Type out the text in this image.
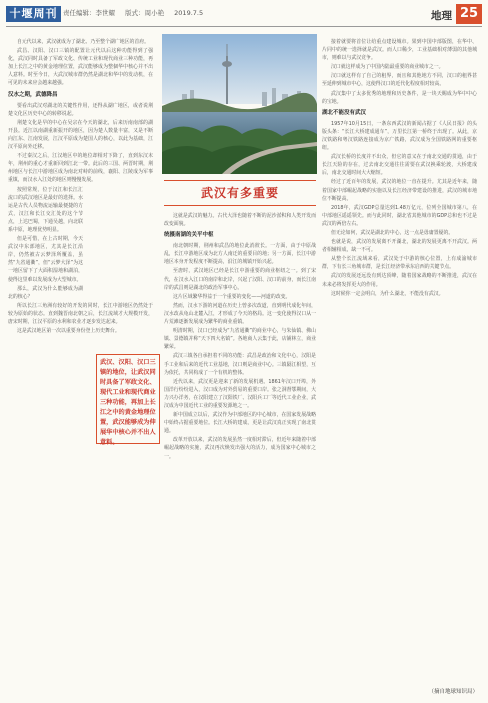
十堰周刊 责任编辑：李世耀 版式：周小艳 2019.7.5	地理 25
武汉有多重要

自元代以来，武汉就成为了湖北、乃至整个湖广地区的首府。

武昌、汉阳、汉口三镇的配置让元代以后这种功能得到了强化，武汉同时具备了军政文化、传统工业和现代商业三种功能，再加上长江之中的黄金地理位置，武汉能够成为整個华中核心并不出人意料。时至今日，大武汉城市群仍然是湖北和华中的发动机，在可见的未来应会越来越强。

汉水之期，武德降昌

要看出武汉对湖北的关键性作用，还得从湖广地区，或者说荆楚文化区历史中心的转移说起。

荆楚文化是早的中心在吴宗在今天的湖北，后来历南南部的湖开县。近江以南湖重新振开的地区，因为楚人数量丰富，又是不断向江东、江南发展，江汉平原成为楚国人的核心，以此为基础，江汉平原向外迁移。

不过秦汉之后，江汉地区中的地位却相对下降了，直到东汉末年，荆州的重心才重新回到江北一带。此后的三国、两晋时期，荆州地区与长江中游地区成为南北对峙的前线，襄阳、江陵成为军事重镇，而汉水入江处的地区则慢慢发展。

按照常规，位于汉江和长江汇流口的武汉地区是最好的选择。水运是古代人员物流运输最便捷的方式，汉江和长江交汇处的这个节点，上达巴蜀，下通吴越，向北联系中原，地理优势明显。

但是可惜，在上古时期，今天武汉中东部地区，尤其是长江沿岸，仍然被古云梦泽所覆盖，虽然“九省通衢”，但“云梦大泽”为这一地区留下了大面积湿地和湖泊，使得这里难以发展成为大型城市。

那么，武汉为什么能够成为湖北的核心？

所以长江三角洲有较好的开发的同时，长江中游地区仍然处于较为原始的状态。直到魏晋南北朝之后，长江流域才大规模开发，唐宋时期，江汉平原的水利和农业才逐步发达起来。

这是武汉地区第一次以重要身份登上历史舞台。

武汉、汉阳、汉口三镇的地位，让武汉同时具备了军政文化、现代工业和现代商业三种功能，再加上长江之中的黄金地理位置，武汉能够成为伸展华中核心并不出人意料。

这就是武汉的魅力。古代大泽也随着不断的泥沙淤积和人类开发而改变面貌。

统摄南湖的关平中枢

南北朝时期，荆州和武昌的地位此消彼长。一方面，由于中原战乱，长江中游地区成为北方人南迁的重要目的地；另一方面，长江中游地区本身开发程度不断提高，沿江的城镇开始兴起。

至唐时，武汉地区已经是长江中游重要的商业枢纽之一。到了宋代，在汉水入江口的南岸和北岸，兴起了汉阳、汉口的前身，而长江南岸的武昌则是湖北的政治军事中心。

这片区域繁华得益于一个重要的变化——河道的改变。

然而，汉水下游的河道在历史上曾多次改道，直到明代成化年间，汉水改从龟山北麓入江，才形成了今天的格局。这一变化使得汉口从一片荒滩逐渐发展成为繁华的商业重镇。

明清时期，汉口已经成为“九省通衢”的商业中心，与朱仙镇、佛山镇、景德镇并称“天下四大名镇”。各地商人云集于此，店铺林立，商业繁荣。

武汉三镇各自承担着不同的功能：武昌是政治和文化中心，汉阳是手工业和后来的近代工业基地，汉口则是商业中心。三镇隔江相望，互为依托，共同构成了一个有机的整体。

近代以来，武汉更是迎来了新的发展机遇。1861年汉口开埠，外国洋行纷纷进入，汉口成为对外贸易的重要口岸。张之洞督鄂期间，大力兴办洋务，在汉阳建立了汉阳铁厂、汉阳兵工厂等近代工业企业，武汉成为中国近代工业的重要发源地之一。

新中国成立以后，武汉作为中部地区的中心城市，在国家发展战略中始终占据重要地位。长江大桥的建成，更是让武汉真正实现了南北贯通。

改革开放以来，武汉的发展虽然一度相对滞后，但近年来随着中部崛起战略的实施，武汉再次焕发出强大的活力，成为国家中心城市之一。

接着就要将首位让给重点建设城市。果到中国中部版图，在华中、片同中的统一选择就是武汉。而人口稀少，工业基础相对薄弱的其他城市，则难以与武汉竞争。

汉口就这样成为了中国内陆最重要的商业城市之一。

汉口就这样有了自己的租界，而且和其他地方不同，汉口的租界甚至延伸到城市中心，这使得汉口的近代化程度相对较高。

武汉集中了太多优秀的地理和历史条件，是一块天赐成为华中中心的宝地。

湖北不能没有武汉

1957年10月15日，一条东西武汉的新闻占据了《人民日报》的头版头条：“长江大桥建成通车”，万里长江第一桥终于出现了。从此，京汉铁路和粤汉铁路连接成为京广铁路，武汉成为全国铁路网的重要枢纽。

武汉长桥的长度并不出众，但它的意义在于南北交通的贯通，由于长江天险的存在，过去南北交通往往需要在武汉换乘轮渡，大桥建成后，南北交通时间大大缩短。

经过了近百年的发展，武汉的地位一直在提升。尤其是近年来，随着国家中部崛起战略的实施以及长江经济带建设的推进，武汉的城市地位不断提高。

2018年，武汉GDP总量达到1.48万亿元，位列全国城市第八，在中部地区遥遥领先。而与此同时，湖北省其他城市的GDP总和也不过是武汉的两倍左右。

但无论如何，武汉是湖北的中心，这一点是毋庸置疑的。

也就是说，武汉的发展离不开湖北，湖北的发展更离不开武汉。两者相辅相成，缺一不可。

从整个长江流域来看，武汉处于中游的核心位置，上有成渝城市群，下有长三角城市群，是长江经济带承东启西的关键节点。

武汉的发展还远没有到达顶峰，随着国家战略的不断推进，武汉在未来必将发挥更大的作用。

这时候你一定会明白，为什么湖北，不能没有武汉。

（摘自地球知识局）
